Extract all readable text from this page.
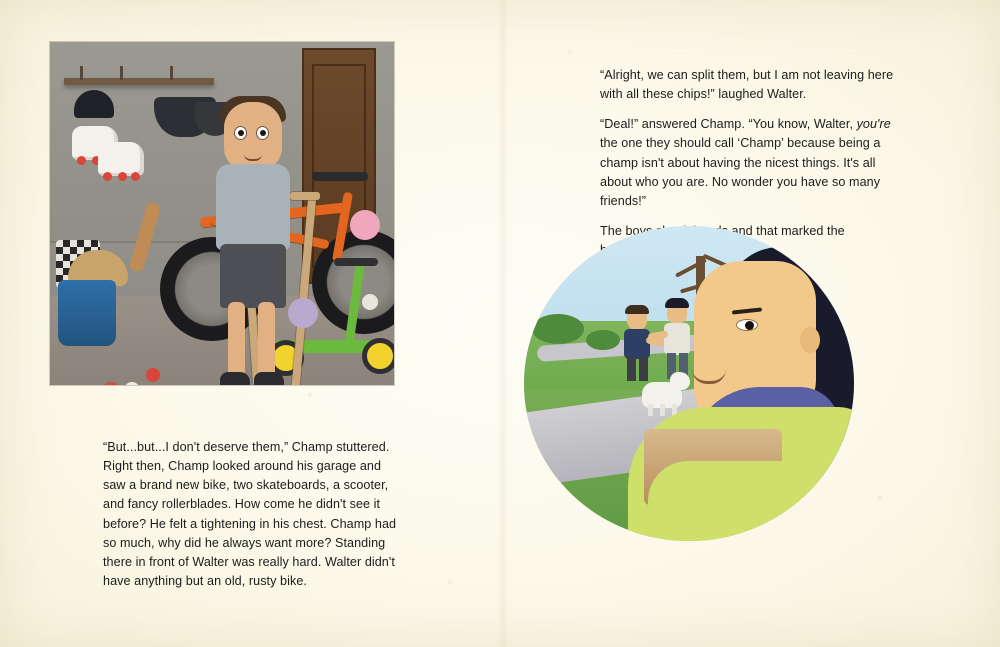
“But...but...I don't deserve them,” Champ stuttered. Right then, Champ looked around his garage and saw a brand new bike, two skateboards, a scooter, and fancy rollerblades. How come he didn't see it before? He felt a tightening in his chest. Champ had so much, why did he always want more? Standing there in front of Walter was really hard. Walter didn't have anything but an old, rusty bike.

“Alright, we can split them, but I am not leaving here with all these chips!” laughed Walter.

“Deal!” answered Champ. “You know, Walter, you're the one they should call ‘Champ’ because being a champ isn't about having the nicest things. It's all about who you are. No wonder you have so many friends!”
